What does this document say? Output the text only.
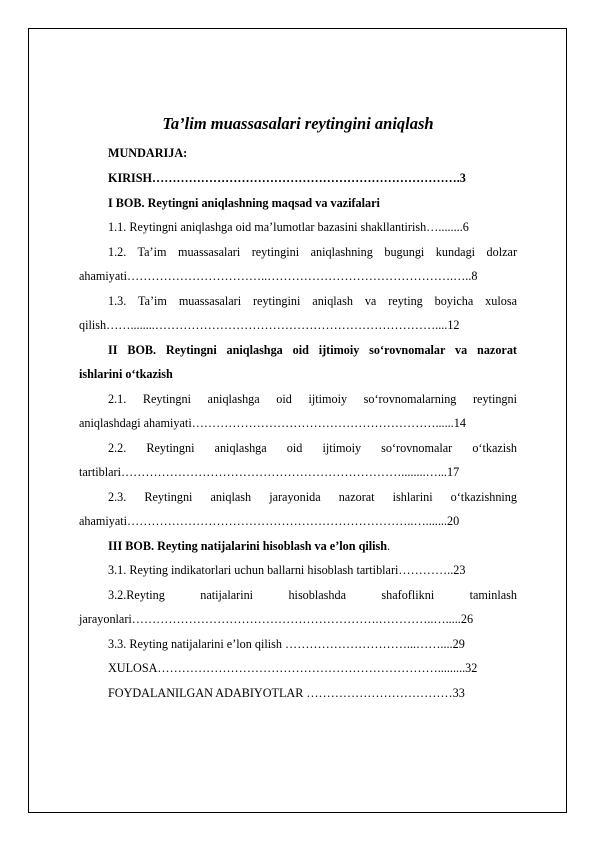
Ta’lim muassasalari reytingini aniqlash
MUNDARIJA:
KIRISH………………………………………………………………….3
I BOB. Reytingni aniqlashning maqsad va vazifalari
1.1. Reytingni aniqlashga oid ma’lumotlar bazasini shakllantirish…........6
1.2. Ta’im muassasalari reytingini aniqlashning bugungi kundagi dolzar
ahamiyati……………………………..……………………………………….…..8
1.3. Ta’im muassasalari reytingini aniqlash va reyting boyicha xulosa
qilish……........……………………………………………………………....12
II BOB. Reytingni aniqlashga oid ijtimoiy so‘rovnomalar va nazorat
ishlarini o‘tkazish
2.1. Reytingni aniqlashga oid ijtimoiy so‘rovnomalarning reytingni
aniqlashdagi ahamiyati……………………………………………………......14
2.2. Reytingni aniqlashga oid ijtimoiy so‘rovnomalar o‘tkazish
tartiblari……………………………………………………………........…...17
2.3. Reytingni aniqlash jarayonida nazorat ishlarini o‘tkazishning
ahamiyati……………………………………………………………..….......20
III BOB. Reyting natijalarini hisoblash va e’lon qilish.
3.1. Reyting indikatorlari uchun ballarni hisoblash tartiblari…………..23
3.2.Reyting natijalarini hisoblashda shafoflikni taminlash
jarayonlari…………………………………………………….…………..….....26
3.3. Reyting natijalarini e’lon qilish …………………………...……....29
XULOSA…………………………………………………………….........32
FOYDALANILGAN ADABIYOTLAR ………………………………33
